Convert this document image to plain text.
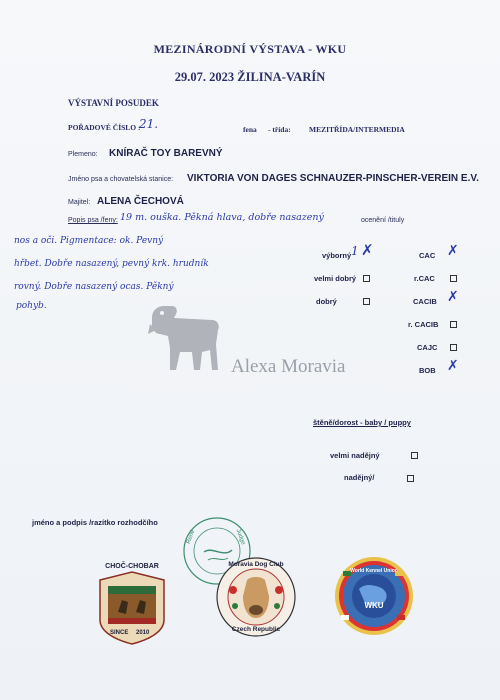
MEZINÁRODNÍ VÝSTAVA - WKU
29.07. 2023 ŽILINA-VARÍN
VÝSTAVNÍ POSUDEK
POŘADOVÉ ČÍSLO :
21.	fena - třída: MEZITŘÍDA/INTERMEDIA
Plemeno: KNÍRAČ TOY BAREVNÝ
Jméno psa a chovatelská stanice: VIKTORIA VON DAGES SCHNAUZER-PINSCHER-VEREIN E.V.
Majitel: ALENA ČECHOVÁ
Popis psa /feny:	ocenění /tituly
19 m. ouška. Pěkná hlava, dobře nasazený
nos a oči. Pigmentace: ok. Pevný
hřbet. Dobře nasazený, pevný krk. hrudník
rovný. Dobře nasazený ocas. Pěkný
pohyb.
výborný 1 ✗
velmi dobrý
dobrý
CAC ✗
r.CAC
CACIB ✗
r. CACIB
CAJC
BOB ✗
Alexa Moravia
štěně/dorost - baby / puppy
velmi nadějný
nadějný/
jméno a podpis /razítko rozhodčího
René	Judge
CHOČ-CHOBAR
SINCE 2010
Moravia Dog Club
Czech Republic
World Kennel Union
WKU
